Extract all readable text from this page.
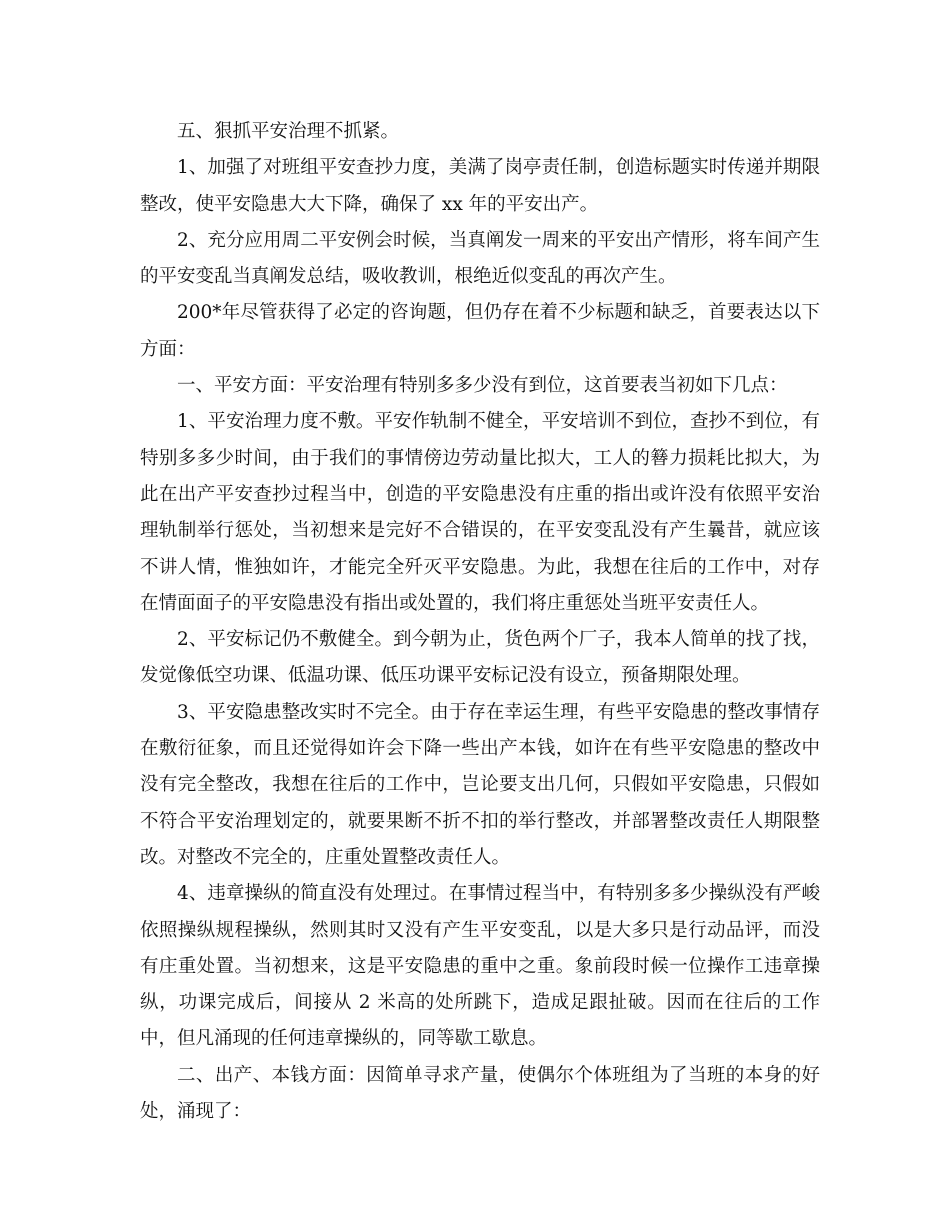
五、狠抓平安治理不抓紧。

1、加强了对班组平安查抄力度，美满了岗亭责任制，创造标题实时传递并期限整改，使平安隐患大大下降，确保了 xx 年的平安出产。

2、充分应用周二平安例会时候，当真阐发一周来的平安出产情形，将车间产生的平安变乱当真阐发总结，吸收教训，根绝近似变乱的再次产生。

200*年尽管获得了必定的咨询题，但仍存在着不少标题和缺乏，首要表达以下方面：

一、平安方面：平安治理有特别多多少没有到位，这首要表当初如下几点：

1、平安治理力度不敷。平安作轨制不健全，平安培训不到位，查抄不到位，有特别多多少时间，由于我们的事情傍边劳动量比拟大，工人的簮力损耗比拟大，为此在出产平安查抄过程当中，创造的平安隐患没有庄重的指出或许没有依照平安治理轨制举行惩处，当初想来是完好不合错误的，在平安变乱没有产生曩昔，就应该不讲人情，惟独如许，才能完全歼灭平安隐患。为此，我想在往后的工作中，对存在情面面子的平安隐患没有指出或处置的，我们将庄重惩处当班平安责任人。

2、平安标记仍不敷健全。到今朝为止，货色两个厂子，我本人简单的找了找，发觉像低空功课、低温功课、低压功课平安标记没有设立，预备期限处理。

3、平安隐患整改实时不完全。由于存在幸运生理，有些平安隐患的整改事情存在敷衍征象，而且还觉得如许会下降一些出产本钱，如许在有些平安隐患的整改中没有完全整改，我想在往后的工作中，岂论要支出几何，只假如平安隐患，只假如不符合平安治理划定的，就要果断不折不扣的举行整改，并部署整改责任人期限整改。对整改不完全的，庄重处置整改责任人。

4、违章操纵的简直没有处理过。在事情过程当中，有特别多多少操纵没有严峻依照操纵规程操纵，然则其时又没有产生平安变乱，以是大多只是行动品评，而没有庄重处置。当初想来，这是平安隐患的重中之重。象前段时候一位操作工违章操纵，功课完成后，间接从 2 米高的处所跳下，造成足跟扯破。因而在往后的工作中，但凡涌现的任何违章操纵的，同等歇工歇息。

二、出产、本钱方面：因简单寻求产量，使偶尔个体班组为了当班的本身的好处，涌现了：
